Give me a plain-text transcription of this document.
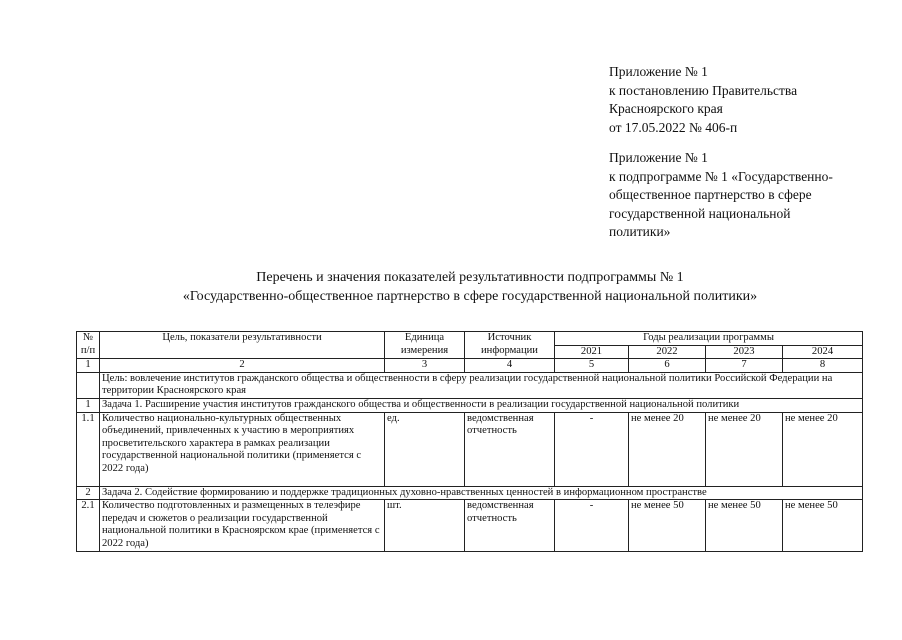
Приложение № 1
к постановлению Правительства
Красноярского края
от 17.05.2022 № 406-п
Приложение № 1
к подпрограмме № 1 «Государственно-
общественное партнерство в сфере
государственной национальной
политики»
Перечень и значения показателей результативности подпрограммы № 1
«Государственно-общественное партнерство в сфере государственной национальной политики»
№ п/п	Цель, показатели результативности	Единица измерения	Источник информации	Годы реализации программы			
				2021	2022	2023	2024
1	2	3	4	5	6	7	8
	Цель: вовлечение институтов гражданского общества и общественности в сферу реализации государственной национальной политики Российской Федерации на территории Красноярского края						
1	Задача 1. Расширение участия институтов гражданского общества и общественности в реализации государственной национальной политики						
1.1	Количество национально-культурных общественных объединений, привлеченных к участию в мероприятиях просветительского характера в рамках реализации государственной национальной политики (применяется с 2022 года)	ед.	ведомственная отчетность	-	не менее 20	не менее 20	не менее 20
2	Задача 2. Содействие формированию и поддержке традиционных духовно-нравственных ценностей в информационном пространстве						
2.1	Количество подготовленных и размещенных в телеэфире передач и сюжетов о реализации государственной национальной политики в Красноярском крае (применяется с 2022 года)	шт.	ведомственная отчетность	-	не менее 50	не менее 50	не менее 50
